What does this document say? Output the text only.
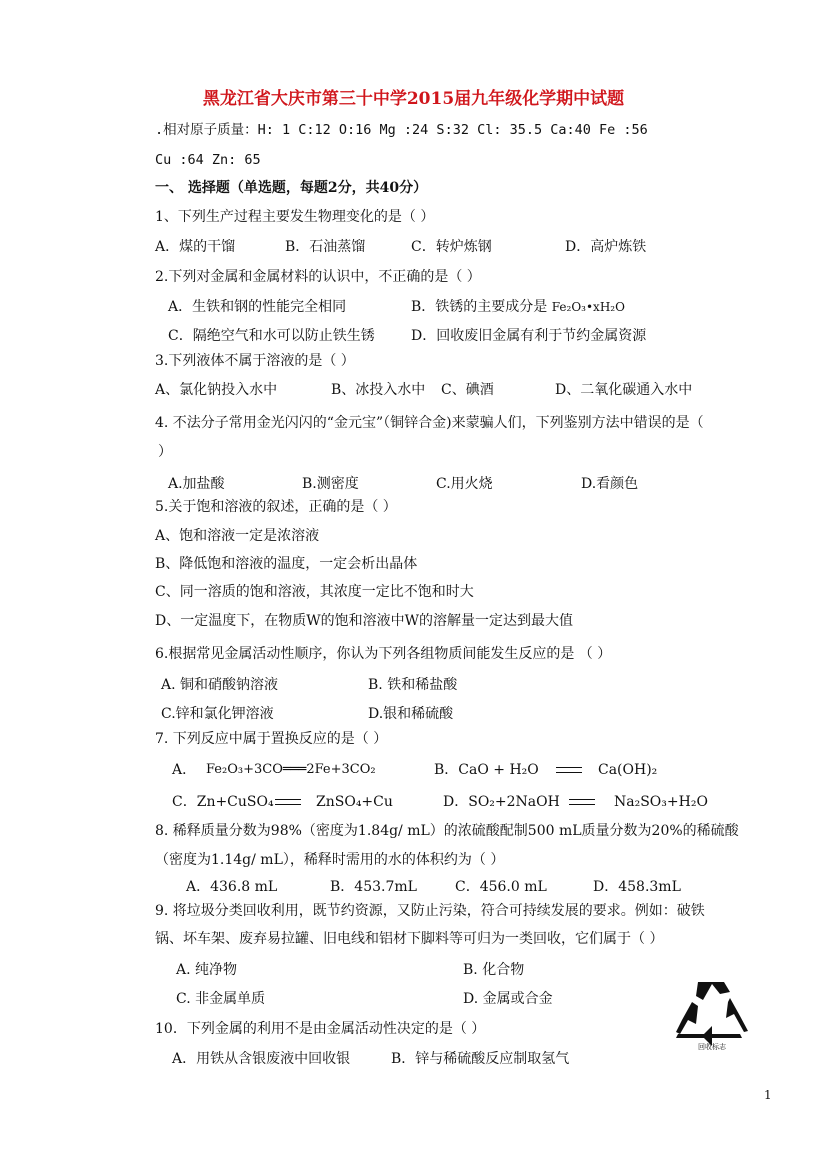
黑龙江省大庆市第三十中学2015届九年级化学期中试题
.相对原子质量：H: 1 C:12 O:16 Mg :24 S:32 Cl: 35.5 Ca:40 Fe :56
Cu :64 Zn: 65
一、 选择题（单选题，每题2分，共40分）
1、下列生产过程主要发生物理变化的是（ ）
A．煤的干馏	B．石油蒸馏	C．转炉炼钢	D．高炉炼铁
2.下列对金属和金属材料的认识中，不正确的是（ ）
A．生铁和钢的性能完全相同	B．铁锈的主要成分是 Fe₂O₃•xH₂O
C．隔绝空气和水可以防止铁生锈	D．回收废旧金属有利于节约金属资源
3.下列液体不属于溶液的是（ ）
A、氯化钠投入水中	B、冰投入水中 C、碘酒	D、二氧化碳通入水中
4. 不法分子常用金光闪闪的“金元宝”（铜锌合金)来蒙骗人们，下列鉴别方法中错误的是（
）
A.加盐酸	B.测密度	C.用火烧	D.看颜色
5.关于饱和溶液的叙述，正确的是（ ）
A、饱和溶液一定是浓溶液
B、降低饱和溶液的温度，一定会析出晶体
C、同一溶质的饱和溶液，其浓度一定比不饱和时大
D、一定温度下，在物质W的饱和溶液中W的溶解量一定达到最大值
6.根据常见金属活动性顺序，你认为下列各组物质间能发生反应的是 （ ）
A. 铜和硝酸钠溶液	B. 铁和稀盐酸
C.锌和氯化钾溶液	D.银和稀硫酸
7. 下列反应中属于置换反应的是（ ）
A． Fe₂O₃+3CO═══2Fe+3CO₂	B．CaO + H₂O	Ca(OH)₂
C．Zn+CuSO₄	ZnSO₄+Cu	D．SO₂+2NaOH	Na₂SO₃+H₂O
8. 稀释质量分数为98%（密度为1.84g/ mL）的浓硫酸配制500 mL质量分数为20%的稀硫酸
（密度为1.14g/ mL），稀释时需用的水的体积约为（ ）
A．436.8 mL	B．453.7mL	C．456.0 mL	D．458.3mL
9. 将垃圾分类回收利用，既节约资源，又防止污染，符合可持续发展的要求。例如：破铁
锅、坏车架、废弃易拉罐、旧电线和铝材下脚料等可归为一类回收，它们属于（ ）
A. 纯净物	B. 化合物
C. 非金属单质	D. 金属或合金
10．下列金属的利用不是由金属活动性决定的是（ ）
A．用铁从含银废液中回收银	B．锌与稀硫酸反应制取氢气
回收标志
1
